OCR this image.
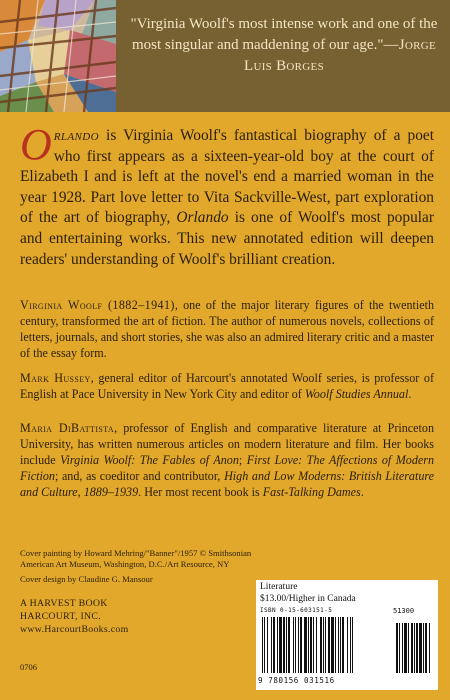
"Virginia Woolf's most intense work and one of the most singular and maddening of our age."—Jorge Luis Borges

Orlando is Virginia Woolf's fantastical biography of a poet who first appears as a sixteen-year-old boy at the court of Elizabeth I and is left at the novel's end a married woman in the year 1928. Part love letter to Vita Sackville-West, part exploration of the art of biography, Orlando is one of Woolf's most popular and entertaining works. This new annotated edition will deepen readers' understanding of Woolf's brilliant creation.

Virginia Woolf (1882–1941), one of the major literary figures of the twentieth century, transformed the art of fiction. The author of numerous novels, collections of letters, journals, and short stories, she was also an admired literary critic and a master of the essay form.

Mark Hussey, general editor of Harcourt's annotated Woolf series, is professor of English at Pace University in New York City and editor of Woolf Studies Annual.

Maria DiBattista, professor of English and comparative literature at Princeton University, has written numerous articles on modern literature and film. Her books include Virginia Woolf: The Fables of Anon; First Love: The Affections of Modern Fiction; and, as coeditor and contributor, High and Low Moderns: British Literature and Culture, 1889–1939. Her most recent book is Fast-Talking Dames.

Cover painting by Howard Mehring/"Banner"/1957 © Smithsonian American Art Museum, Washington, D.C./Art Resource, NY

Cover design by Claudine G. Mansour

A HARVEST BOOK
HARCOURT, INC.
www.HarcourtBooks.com
0706
Literature
$13.00/Higher in Canada
ISBN 0-15-603151-5	51300
9 780156 031516
